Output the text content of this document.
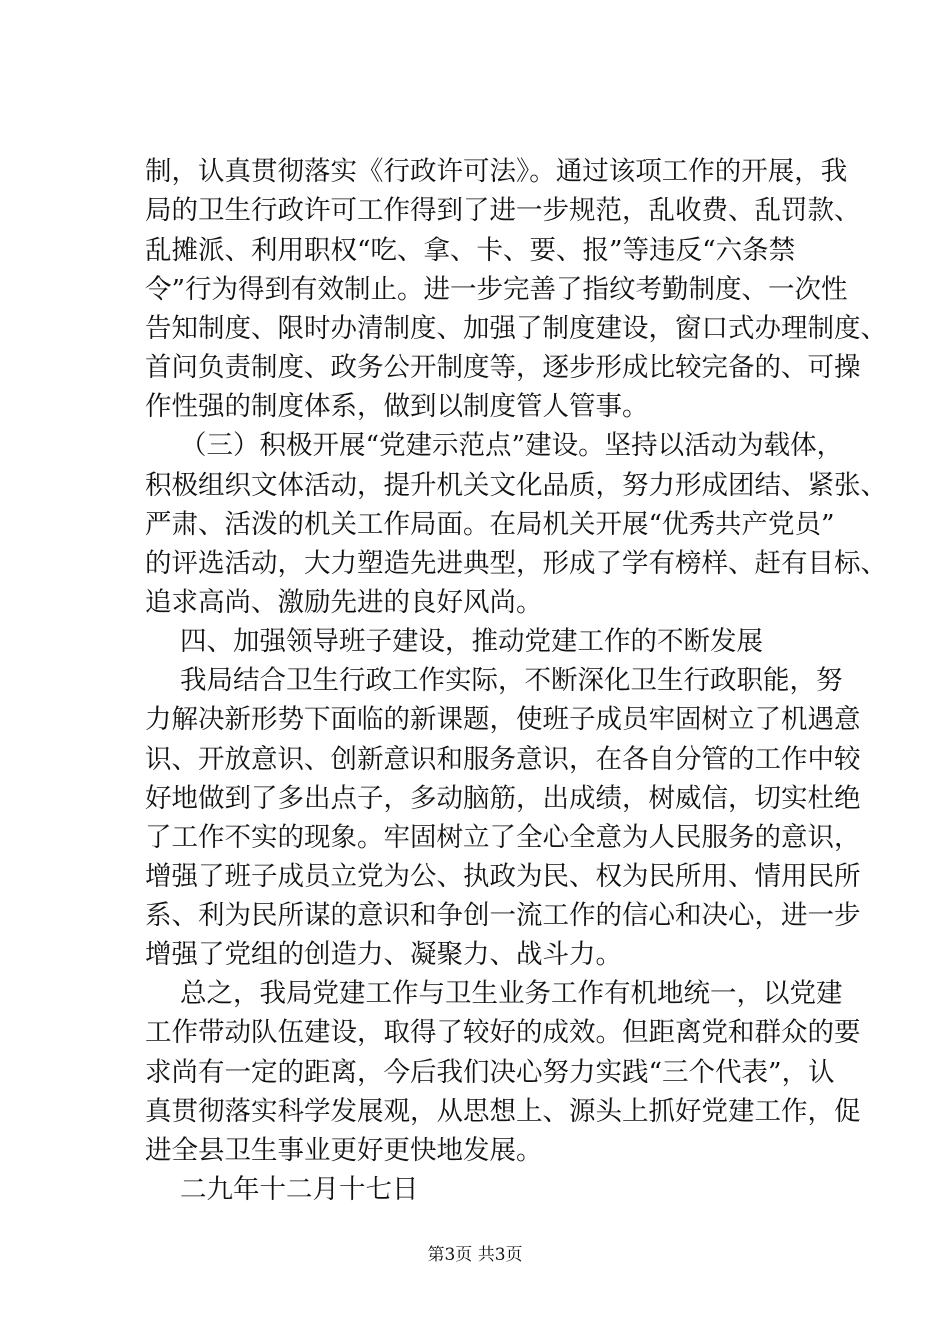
制，认真贯彻落实《行政许可法》。通过该项工作的开展，我
局的卫生行政许可工作得到了进一步规范，乱收费、乱罚款、
乱摊派、利用职权“吃、拿、卡、要、报”等违反“六条禁
令”行为得到有效制止。进一步完善了指纹考勤制度、一次性
告知制度、限时办清制度、加强了制度建设，窗口式办理制度、
首问负责制度、政务公开制度等，逐步形成比较完备的、可操
作性强的制度体系，做到以制度管人管事。
（三）积极开展“党建示范点”建设。坚持以活动为载体，
积极组织文体活动，提升机关文化品质，努力形成团结、紧张、
严肃、活泼的机关工作局面。在局机关开展“优秀共产党员”
的评选活动，大力塑造先进典型，形成了学有榜样、赶有目标、
追求高尚、激励先进的良好风尚。
四、加强领导班子建设，推动党建工作的不断发展
我局结合卫生行政工作实际，不断深化卫生行政职能，努
力解决新形势下面临的新课题，使班子成员牢固树立了机遇意
识、开放意识、创新意识和服务意识，在各自分管的工作中较
好地做到了多出点子，多动脑筋，出成绩，树威信，切实杜绝
了工作不实的现象。牢固树立了全心全意为人民服务的意识，
增强了班子成员立党为公、执政为民、权为民所用、情用民所
系、利为民所谋的意识和争创一流工作的信心和决心，进一步
增强了党组的创造力、凝聚力、战斗力。
总之，我局党建工作与卫生业务工作有机地统一，以党建
工作带动队伍建设，取得了较好的成效。但距离党和群众的要
求尚有一定的距离，今后我们决心努力实践“三个代表”，认
真贯彻落实科学发展观，从思想上、源头上抓好党建工作，促
进全县卫生事业更好更快地发展。
二九年十二月十七日
第3页 共3页
